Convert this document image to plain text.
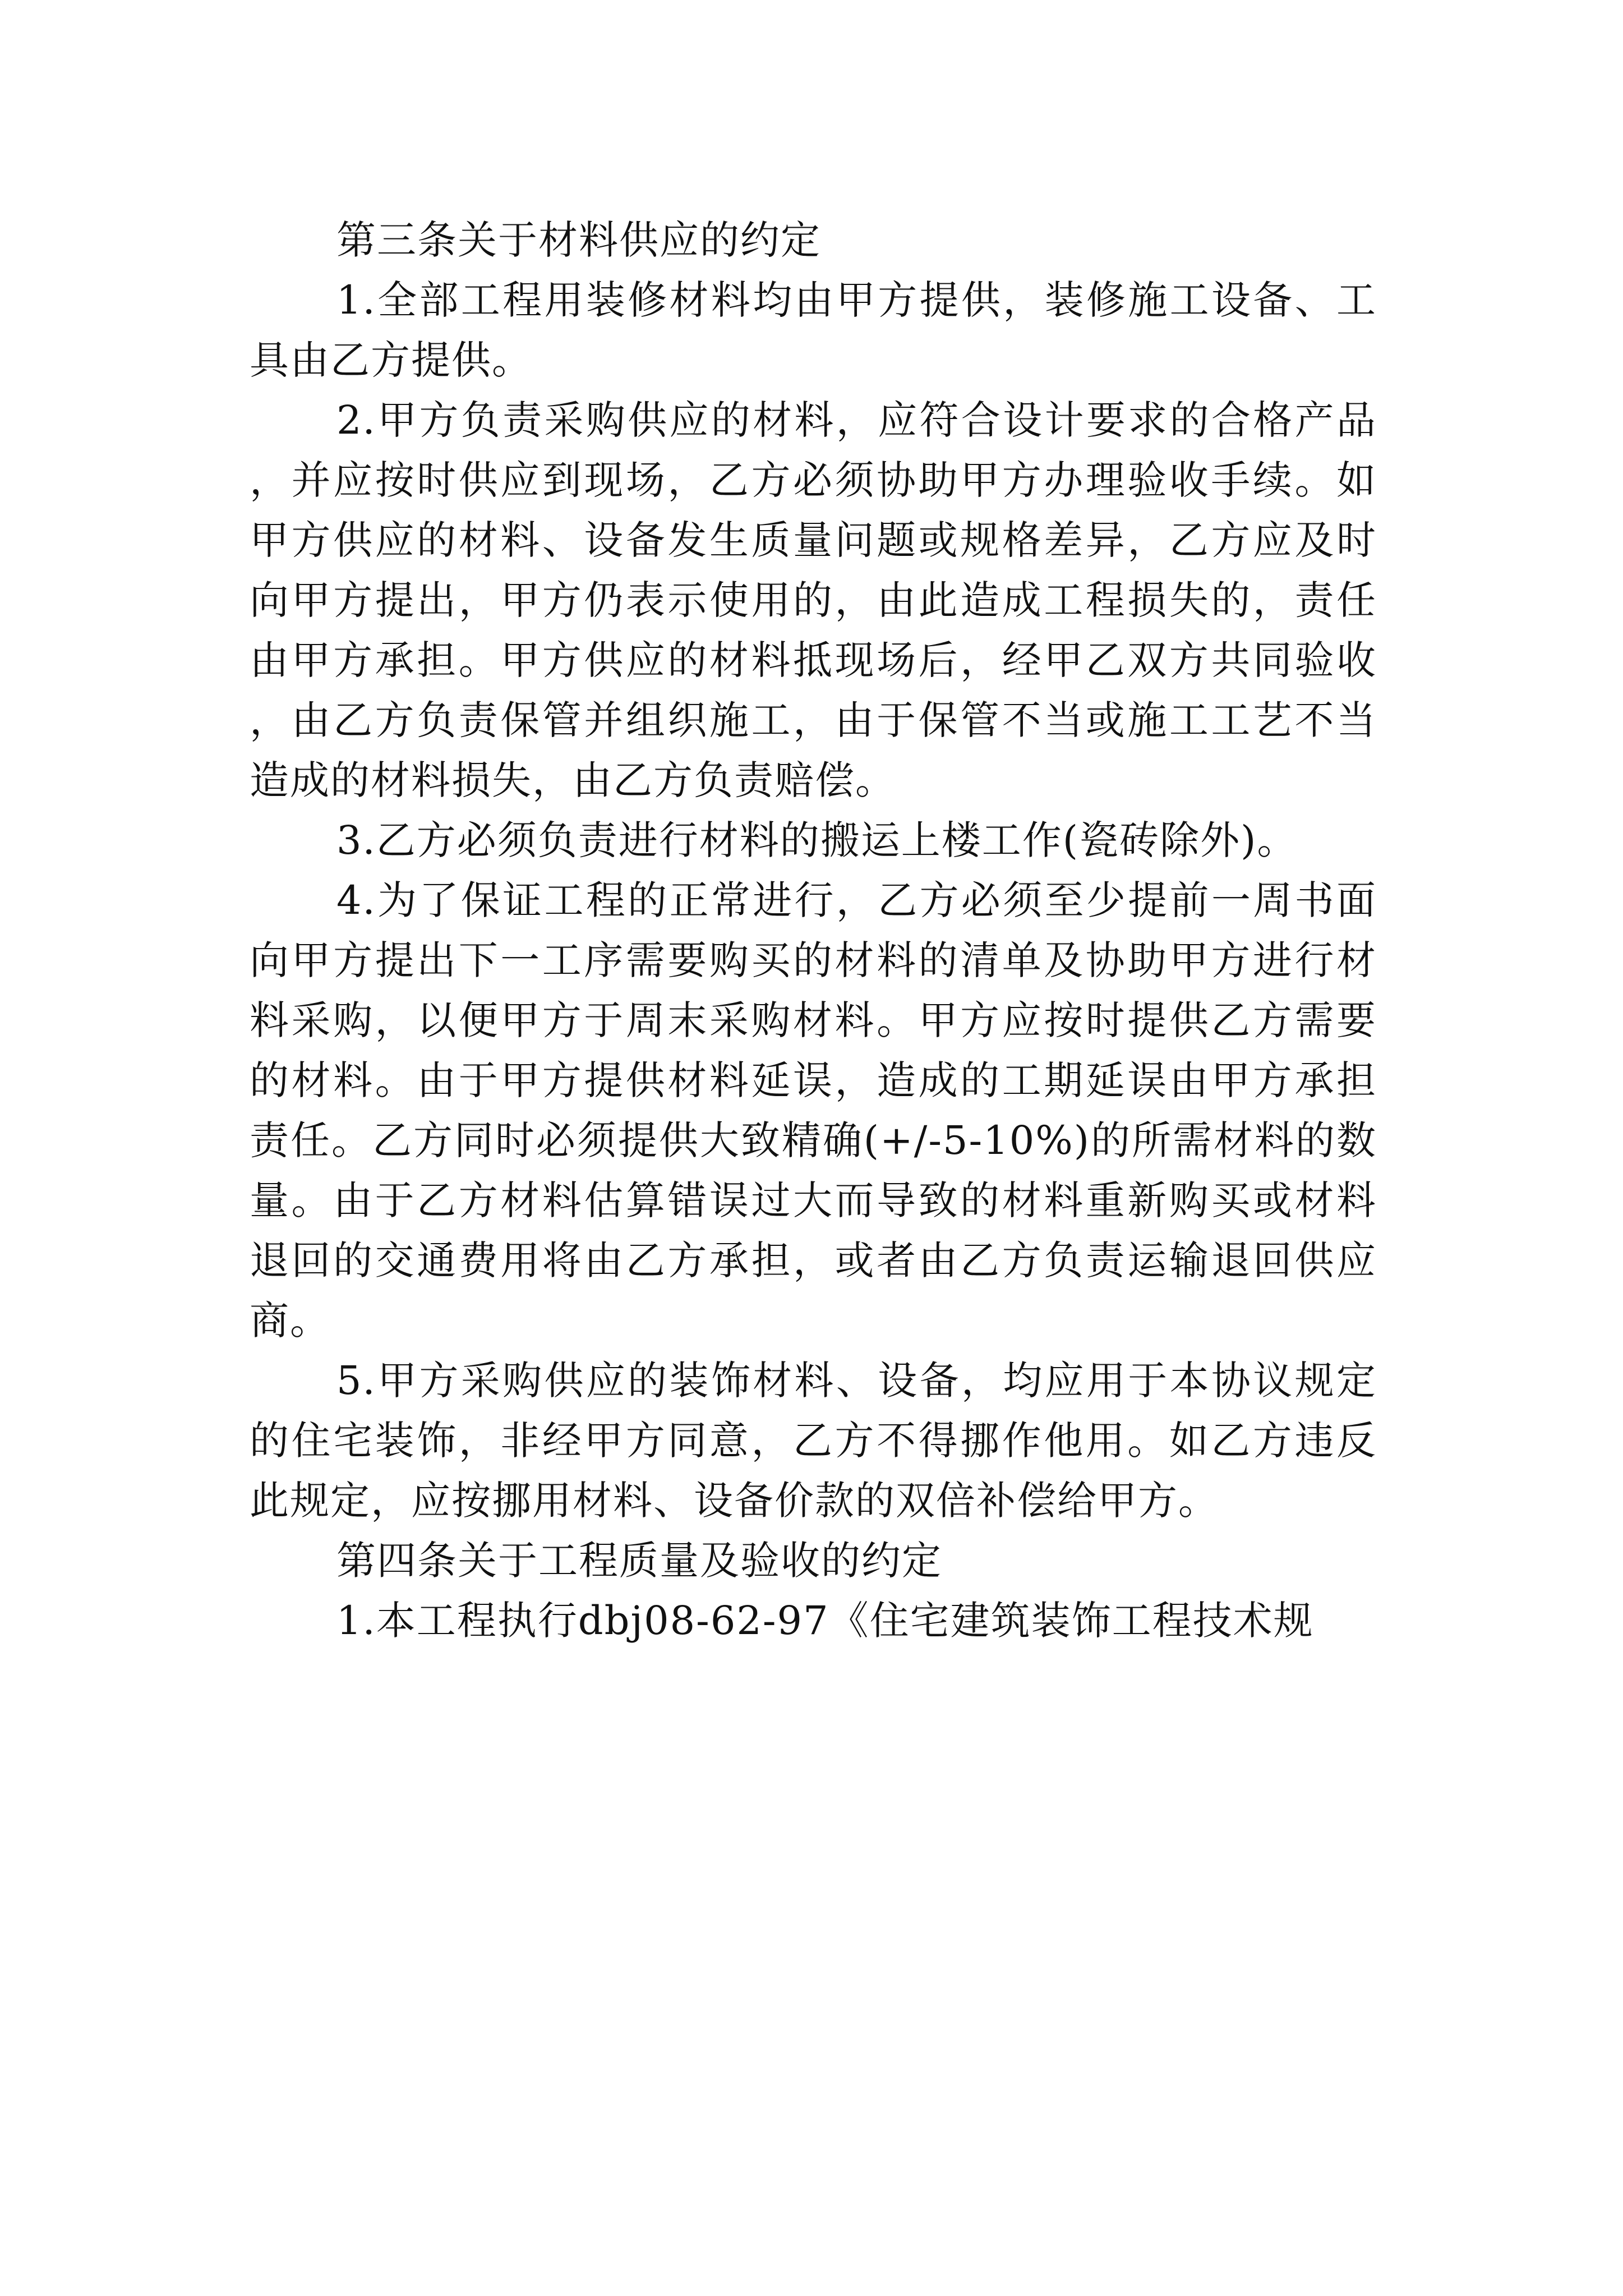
第三条关于材料供应的约定

1.全部工程用装修材料均由甲方提供，装修施工设备、工具由乙方提供。

2.甲方负责采购供应的材料，应符合设计要求的合格产品，并应按时供应到现场，乙方必须协助甲方办理验收手续。如甲方供应的材料、设备发生质量问题或规格差异，乙方应及时向甲方提出，甲方仍表示使用的，由此造成工程损失的，责任由甲方承担。甲方供应的材料抵现场后，经甲乙双方共同验收，由乙方负责保管并组织施工，由于保管不当或施工工艺不当造成的材料损失，由乙方负责赔偿。

3.乙方必须负责进行材料的搬运上楼工作(瓷砖除外)。

4.为了保证工程的正常进行，乙方必须至少提前一周书面向甲方提出下一工序需要购买的材料的清单及协助甲方进行材料采购，以便甲方于周末采购材料。甲方应按时提供乙方需要的材料。由于甲方提供材料延误，造成的工期延误由甲方承担责任。乙方同时必须提供大致精确(+/-5-10%)的所需材料的数量。由于乙方材料估算错误过大而导致的材料重新购买或材料退回的交通费用将由乙方承担，或者由乙方负责运输退回供应商。

5.甲方采购供应的装饰材料、设备，均应用于本协议规定的住宅装饰，非经甲方同意，乙方不得挪作他用。如乙方违反此规定，应按挪用材料、设备价款的双倍补偿给甲方。

第四条关于工程质量及验收的约定

1.本工程执行dbj08-62-97《住宅建筑装饰工程技术规
